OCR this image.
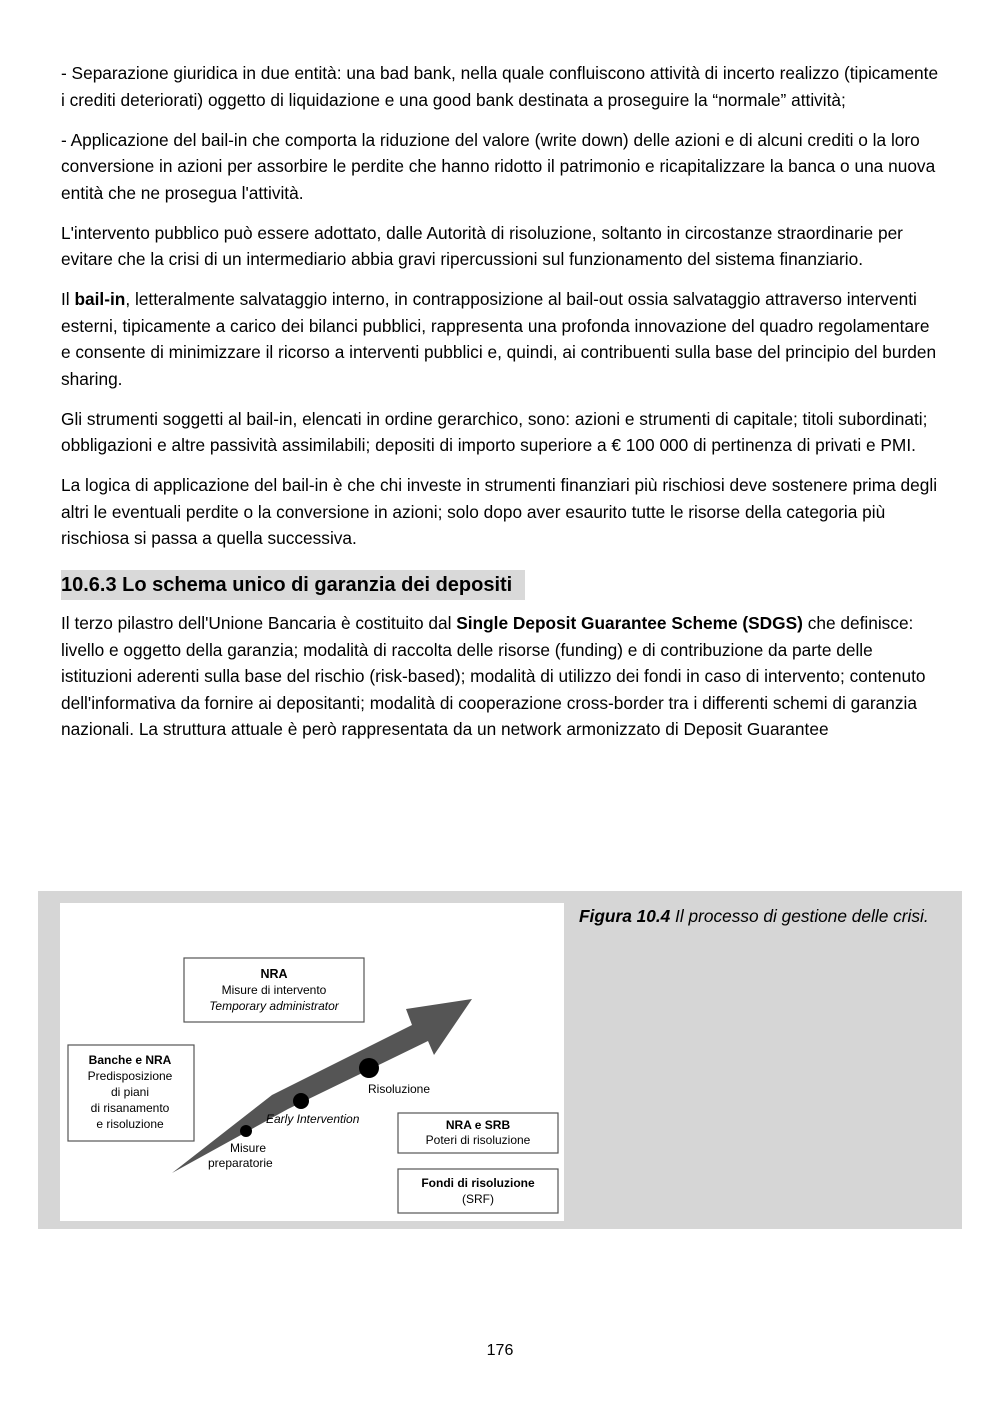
- Separazione giuridica in due entità: una bad bank, nella quale confluiscono attività di incerto realizzo (tipicamente i crediti deteriorati) oggetto di liquidazione e una good bank destinata a proseguire la “normale” attività;

- Applicazione del bail-in che comporta la riduzione del valore (write down) delle azioni e di alcuni crediti o la loro conversione in azioni per assorbire le perdite che hanno ridotto il patrimonio e ricapitalizzare la banca o una nuova entità che ne prosegua l'attività.

L'intervento pubblico può essere adottato, dalle Autorità di risoluzione, soltanto in circostanze straordinarie per evitare che la crisi di un intermediario abbia gravi ripercussioni sul funzionamento del sistema finanziario.

Il bail-in, letteralmente salvataggio interno, in contrapposizione al bail-out ossia salvataggio attraverso interventi esterni, tipicamente a carico dei bilanci pubblici, rappresenta una profonda innovazione del quadro regolamentare e consente di minimizzare il ricorso a interventi pubblici e, quindi, ai contribuenti sulla base del principio del burden sharing.

Gli strumenti soggetti al bail-in, elencati in ordine gerarchico, sono: azioni e strumenti di capitale; titoli subordinati; obbligazioni e altre passività assimilabili; depositi di importo superiore a € 100 000 di pertinenza di privati e PMI.

La logica di applicazione del bail-in è che chi investe in strumenti finanziari più rischiosi deve sostenere prima degli altri le eventuali perdite o la conversione in azioni; solo dopo aver esaurito tutte le risorse della categoria più rischiosa si passa a quella successiva.

10.6.3 Lo schema unico di garanzia dei depositi

Il terzo pilastro dell'Unione Bancaria è costituito dal Single Deposit Guarantee Scheme (SDGS) che definisce: livello e oggetto della garanzia; modalità di raccolta delle risorse (funding) e di contribuzione da parte delle istituzioni aderenti sulla base del rischio (risk-based); modalità di utilizzo dei fondi in caso di intervento; contenuto dell'informativa da fornire ai depositanti; modalità di cooperazione cross-border tra i differenti schemi di garanzia nazionali. La struttura attuale è però rappresentata da un network armonizzato di Deposit Guarantee

NRA
Misure di intervento
Temporary administrator
Banche e NRA
Predisposizione
di piani
di risanamento
e risoluzione	NRA e SRB
Poteri di risoluzione
Fondi di risoluzione
(SRF)
Misure
preparatorie
Early Intervention
Risoluzione
Figura 10.4 Il processo di gestione delle crisi.
176
